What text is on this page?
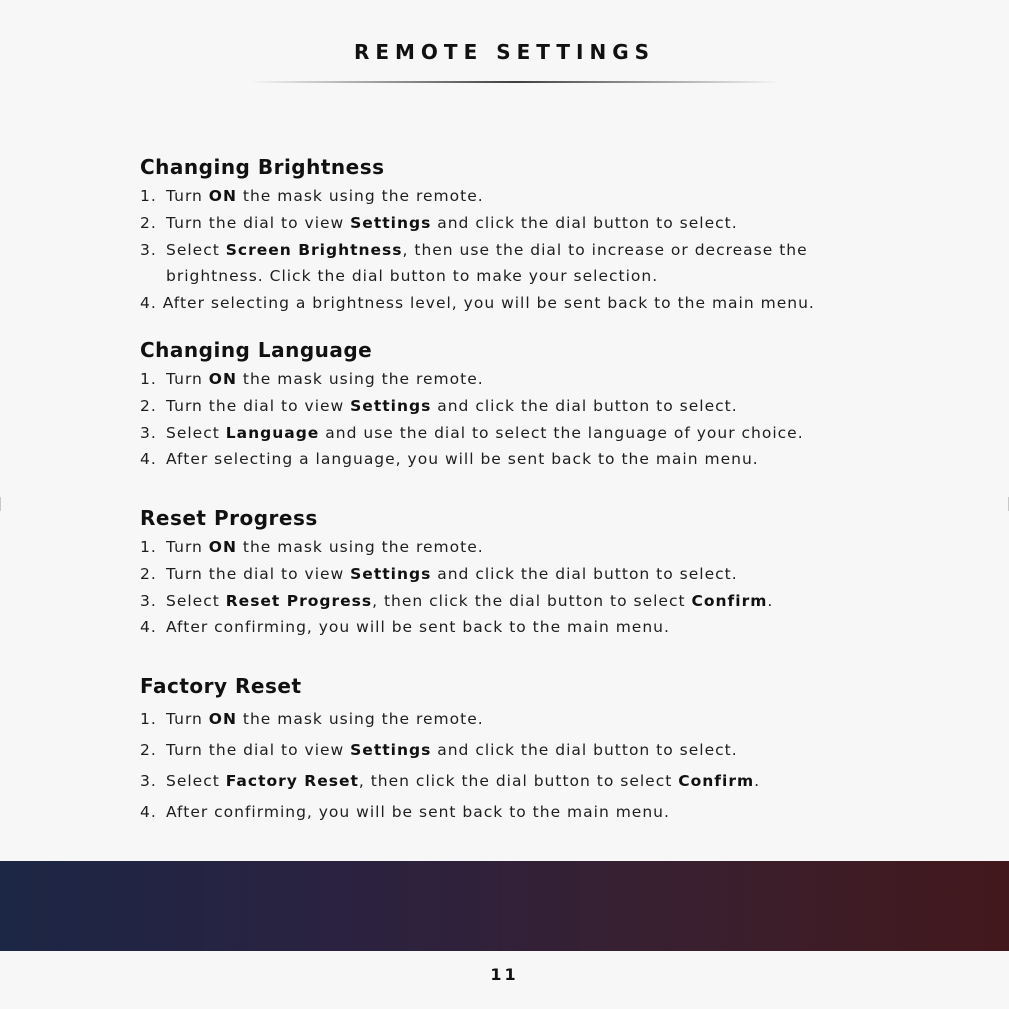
REMOTE SETTINGS
Changing Brightness
1. Turn ON the mask using the remote.
2. Turn the dial to view Settings and click the dial button to select.
3. Select Screen Brightness, then use the dial to increase or decrease the brightness. Click the dial button to make your selection.
4. After selecting a brightness level, you will be sent back to the main menu.
Changing Language
1. Turn ON the mask using the remote.
2. Turn the dial to view Settings and click the dial button to select.
3. Select Language and use the dial to select the language of your choice.
4. After selecting a language, you will be sent back to the main menu.
Reset Progress
1. Turn ON the mask using the remote.
2. Turn the dial to view Settings and click the dial button to select.
3. Select Reset Progress, then click the dial button to select Confirm.
4. After confirming, you will be sent back to the main menu.
Factory Reset
1. Turn ON the mask using the remote.
2. Turn the dial to view Settings and click the dial button to select.
3. Select Factory Reset, then click the dial button to select Confirm.
4. After confirming, you will be sent back to the main menu.
11
